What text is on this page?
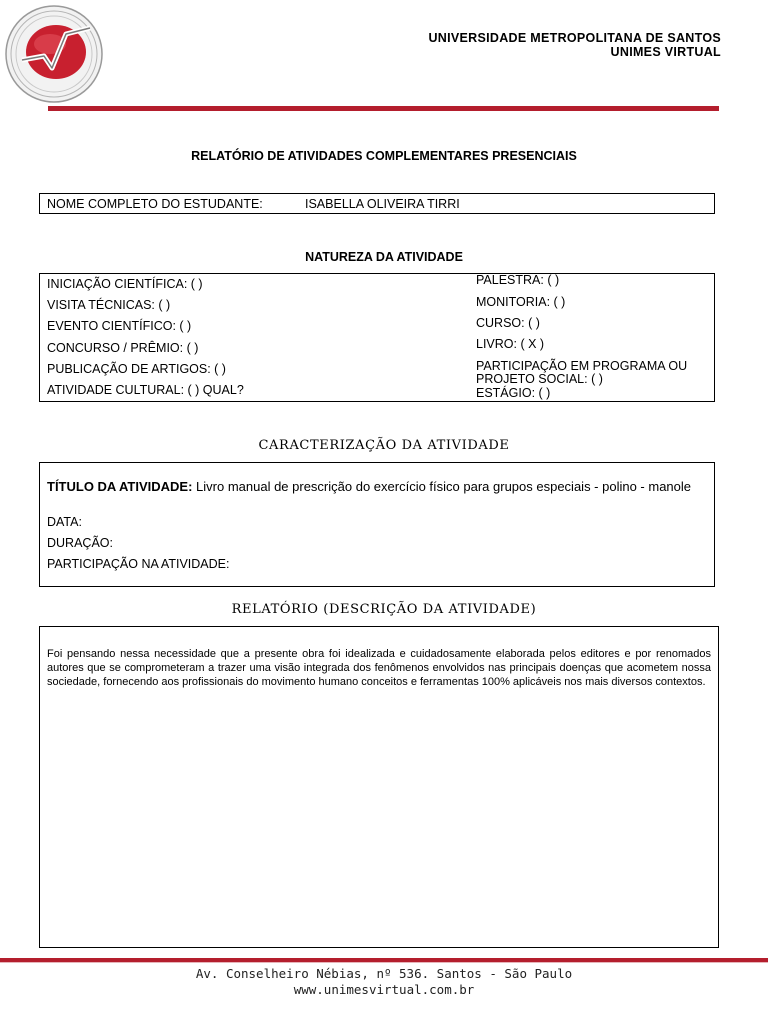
UNIVERSIDADE METROPOLITANA DE SANTOS
UNIMES VIRTUAL
RELATÓRIO DE ATIVIDADES COMPLEMENTARES PRESENCIAIS
NOME COMPLETO DO ESTUDANTE:	ISABELLA OLIVEIRA TIRRI
NATUREZA DA ATIVIDADE
INICIAÇÃO CIENTÍFICA: ( )
VISITA TÉCNICAS: ( )
EVENTO CIENTÍFICO: ( )
CONCURSO / PRÊMIO: ( )
PUBLICAÇÃO DE ARTIGOS: ( )
ATIVIDADE CULTURAL: ( ) QUAL?
PALESTRA: ( )
MONITORIA: ( )
CURSO: ( )
LIVRO: ( X )
PARTICIPAÇÃO EM PROGRAMA OU
PROJETO SOCIAL: ( )
ESTÁGIO: ( )
CARACTERIZAÇÃO DA ATIVIDADE
TÍTULO DA ATIVIDADE: Livro manual de prescrição do exercício físico para grupos especiais - polino - manole
DATA:
DURAÇÃO:
PARTICIPAÇÃO NA ATIVIDADE:
RELATÓRIO (DESCRIÇÃO DA ATIVIDADE)
Foi pensando nessa necessidade que a presente obra foi idealizada e cuidadosamente elaborada pelos editores e por renomados autores que se comprometeram a trazer uma visão integrada dos fenômenos envolvidos nas principais doenças que acometem nossa sociedade, fornecendo aos profissionais do movimento humano conceitos e ferramentas 100% aplicáveis nos mais diversos contextos.
Av. Conselheiro Nébias, nº 536. Santos - São Paulo
www.unimesvirtual.com.br
